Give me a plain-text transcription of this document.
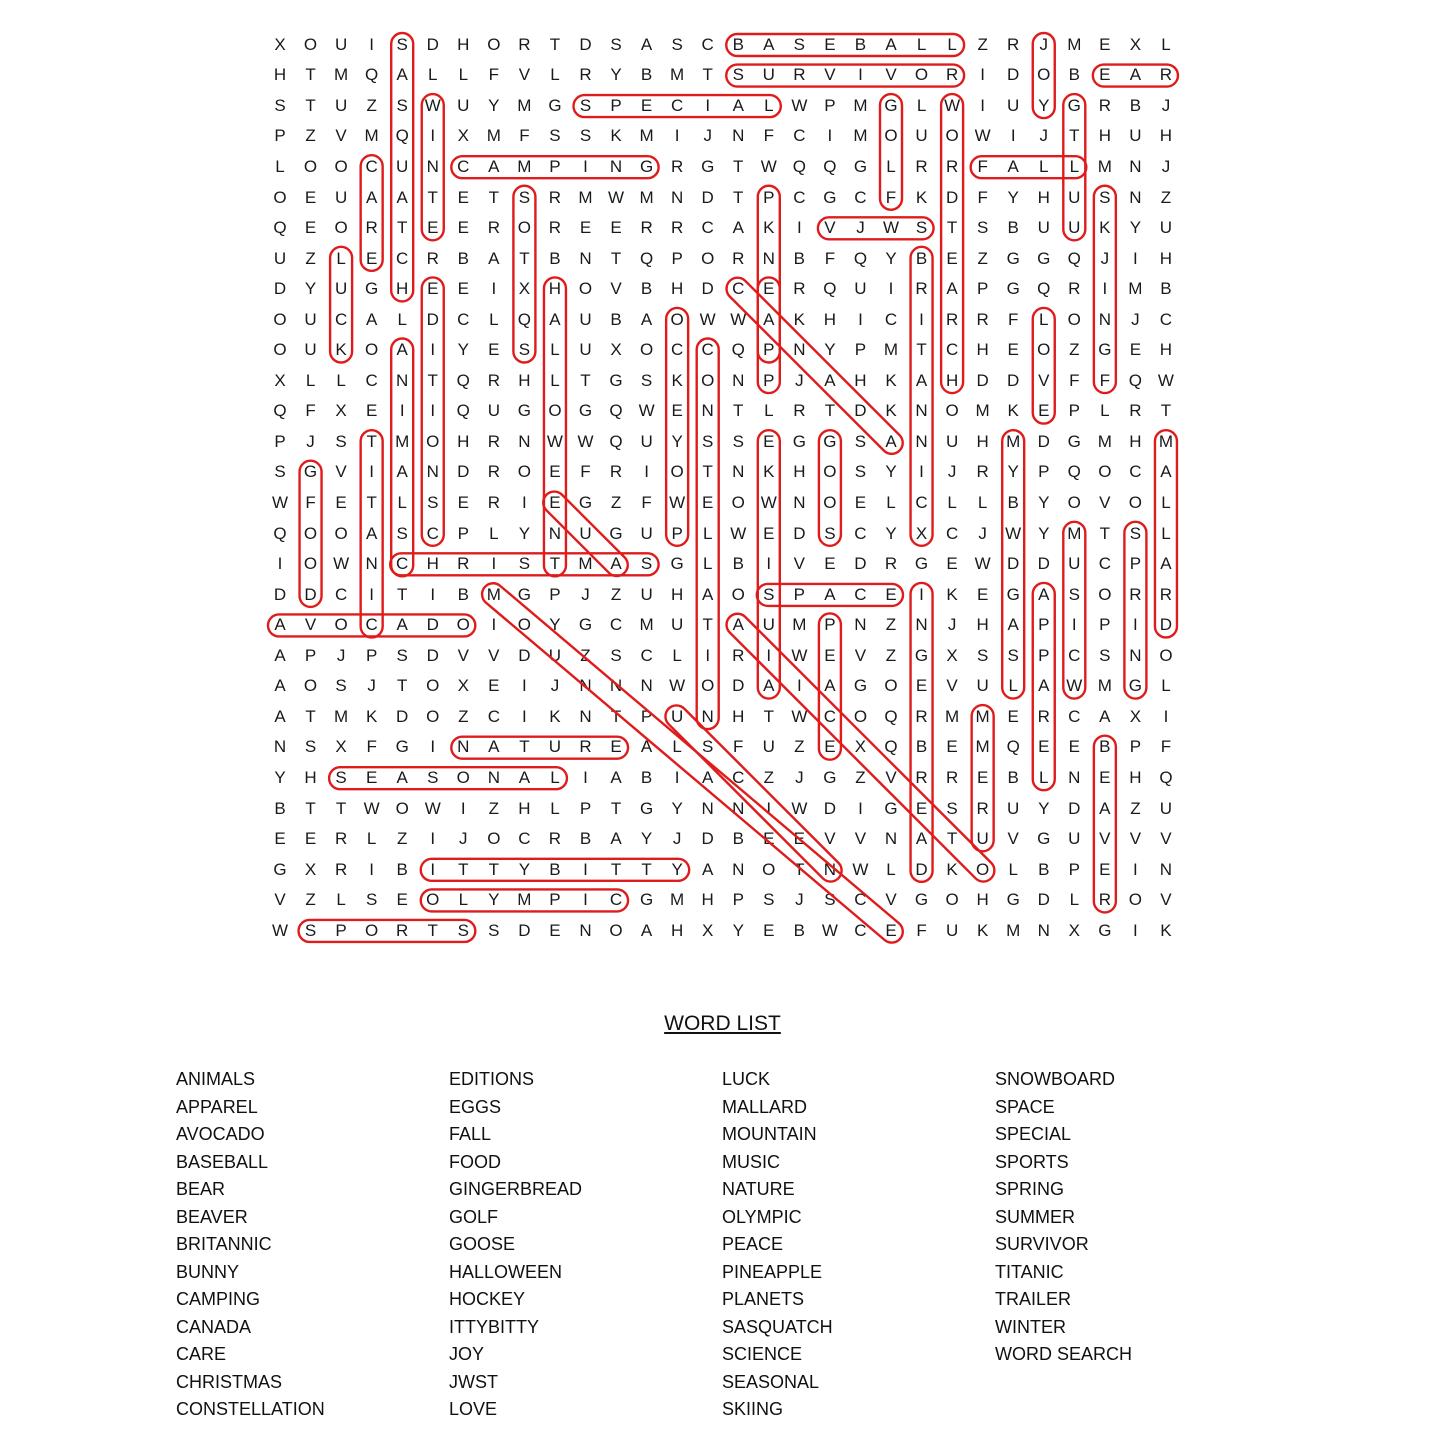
X	O	U	I	S	D	H	O	R	T	D	S	A	S	C	B	A	S	E	B	A	L	L	Z	R	J	M	E	X	L
H	T	M Q	A	L	L	F	V	L	R	Y	B	M	T	S	U	R	V	I	V	O	R	I	D	O	B	E	A	R
S	T	U	Z	S W U	Y	M G	S	P	E	C	I	A	L	W P	M G	L	W	I	U	Y	G	R	B	J
P	Z	V	M Q	I	X	M	F	S	S	K	M	I	J	N	F	C	I	M O	U	O W	I	J	T	H	U	H
L	O	O	C	U	N	C	A	M	P	I	N	G	R	G	T	W Q	Q	G	L	R	R	F	A	L	L	M	N	J
O	E	U	A	A	T	E	T	S	R	M W M	N	D	T	P	C	G	C	F	K	D	F	Y	H	U	S	N	Z
Q	E	O	R	T	E	E	R	O	R	E	E	R	R	C	A	K	I	V	J	W S	T	S	B	U	U	K	Y	U
U	Z	L	E	C	R	B	A	T	B	N	T	Q	P	O	R	N	B	F	Q	Y	B	E	Z	G	G	Q	J	I	H
D	Y	U	G	H	E	E	I	X	H	O	V	B	H	D	C	E	R	Q	U	I	R	A	P	G	Q	R	I	M	B
O	U	C	A	L	D	C	L	Q	A	U	B	A	O W W A	K	H	I	C	I	R	R	F	L	O	N	J	C
O	U	K	O	A	I	Y	E	S	L	U	X	O	C	C	Q	P	N	Y	P	M	T	C	H	E	O	Z	G	E	H
X	L	L	C	N	T	Q	R	H	L	T	G	S	K	O	N	P	J	A	H	K	A	H	D	D	V	F	F	Q W
Q	F	X	E	I	I	Q	U	G	O	G	Q W E	N	T	L	R	T	D	K	N	O M	K	E	P	L	R	T
P	J	S	T	M O	H	R	N W W Q	U	Y	S	S	E	G	G	S	A	N	U	H	M	D	G M	H	M
S	G	V	I	A	N	D	R	O	E	F	R	I	O	T	N	K	H	O	S	Y	I	J	R	Y	P	Q	O	C	A
W	F	E	T	L	S	E	R	I	E	G	Z	F	W E	O W N	O	E	L	C	L	L	B	Y	O	V	O	L
Q	O	O	A	S	C	P	L	Y	N	U	G	U	P	L	W E	D	S	C	Y	X	C	J	W Y	M	T	S	L
I	O W N	C	H	R	I	S	T	M	A	S	G	L	B	I	V	E	D	R	G	E W D	D	U	C	P	A
D	D	C	I	T	I	B	M G	P	J	Z	U	H	A	O	S	P	A	C	E	I	K	E	G	A	S	O	R	R
A	V	O	C	A	D	O	I	O	Y	G	C	M	U	T	A	U	M	P	N	Z	N	J	H	A	P	I	P	I	D
A	P	J	P	S	D	V	V	D	U	Z	S	C	L	I	R	I	W E	V	Z	G	X	S	S	P	C	S	N	O
A	O	S	J	T	O	X	E	I	J	N	N	N W O	D	A	I	A	G	O	E	V	U	L	A W M G	L
A	T	M	K	D	O	Z	C	I	K	N	T	P	U	N	H	T	W C	O	Q	R	M M	E	R	C	A	X	I
N	S	X	F	G	I	N	A	T	U	R	E	A	L	S	F	U	Z	E	X	Q	B	E	M Q	E	E	B	P	F
Y	H	S	E	A	S	O	N	A	L	I	A	B	I	A	C	Z	J	G	Z	V	R	R	E	B	L	N	E	H	Q
B	T	T	W O W	I	Z	H	L	P	T	G	Y	N	N	I	W D	I	G	E	S	R	U	Y	D	A	Z	U
E	E	R	L	Z	I	J	O	C	R	B	A	Y	J	D	B	E	E	V	V	N	A	T	U	V	G	U	V	V	V
G	X	R	I	B	I	T	T	Y	B	I	T	T	Y	A	N	O	T	N W	L	D	K	O	L	B	P	E	I	N
V	Z	L	S	E	O	L	Y	M	P	I	C	G M	H	P	S	J	S	C	V	G	O	H	G	D	L	R	O	V
W S	P	O	R	T	S	S	D	E	N	O	A	H	X	Y	E	B W C	E	F	U	K	M	N	X	G	I	K
WORD LIST
ANIMALS
APPAREL
AVOCADO
BASEBALL
BEAR
BEAVER
BRITANNIC
BUNNY
CAMPING
CANADA
CARE
CHRISTMAS
CONSTELLATION
EDITIONS
EGGS
FALL
FOOD
GINGERBREAD
GOLF
GOOSE
HALLOWEEN
HOCKEY
ITTYBITTY
JOY
JWST
LOVE
LUCK
MALLARD
MOUNTAIN
MUSIC
NATURE
OLYMPIC
PEACE
PINEAPPLE
PLANETS
SASQUATCH
SCIENCE
SEASONAL
SKIING
SNOWBOARD
SPACE
SPECIAL
SPORTS
SPRING
SUMMER
SURVIVOR
TITANIC
TRAILER
WINTER
WORD SEARCH
